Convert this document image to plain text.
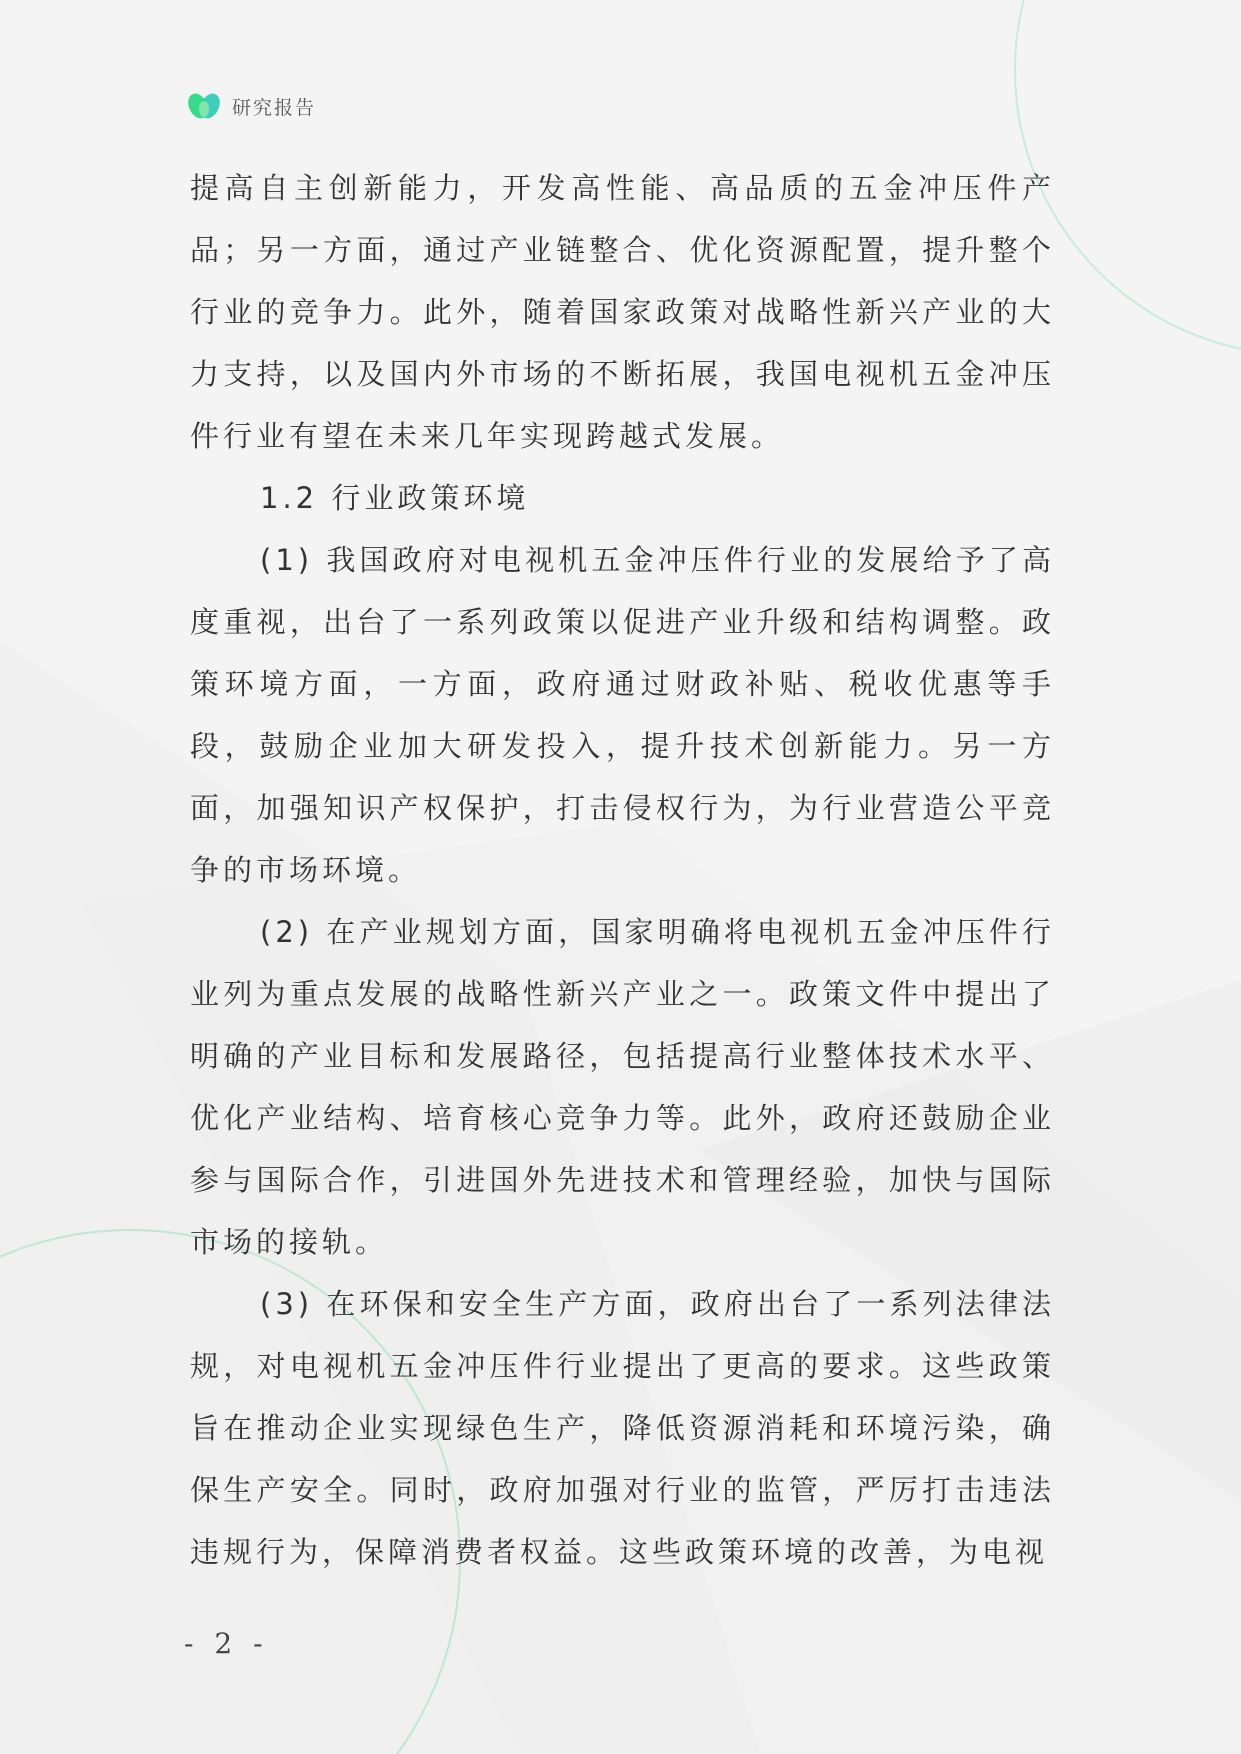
研究报告

提高自主创新能力，开发高性能、高品质的五金冲压件产品；另一方面，通过产业链整合、优化资源配置，提升整个行业的竞争力。此外，随着国家政策对战略性新兴产业的大力支持，以及国内外市场的不断拓展，我国电视机五金冲压件行业有望在未来几年实现跨越式发展。

1.2 行业政策环境

(1) 我国政府对电视机五金冲压件行业的发展给予了高度重视，出台了一系列政策以促进产业升级和结构调整。政策环境方面，一方面，政府通过财政补贴、税收优惠等手段，鼓励企业加大研发投入，提升技术创新能力。另一方面，加强知识产权保护，打击侵权行为，为行业营造公平竞争的市场环境。

(2) 在产业规划方面，国家明确将电视机五金冲压件行业列为重点发展的战略性新兴产业之一。政策文件中提出了明确的产业目标和发展路径，包括提高行业整体技术水平、优化产业结构、培育核心竞争力等。此外，政府还鼓励企业参与国际合作，引进国外先进技术和管理经验，加快与国际市场的接轨。

(3) 在环保和安全生产方面，政府出台了一系列法律法规，对电视机五金冲压件行业提出了更高的要求。这些政策旨在推动企业实现绿色生产，降低资源消耗和环境污染，确保生产安全。同时，政府加强对行业的监管，严厉打击违法违规行为，保障消费者权益。这些政策环境的改善，为电视

- 2 -
